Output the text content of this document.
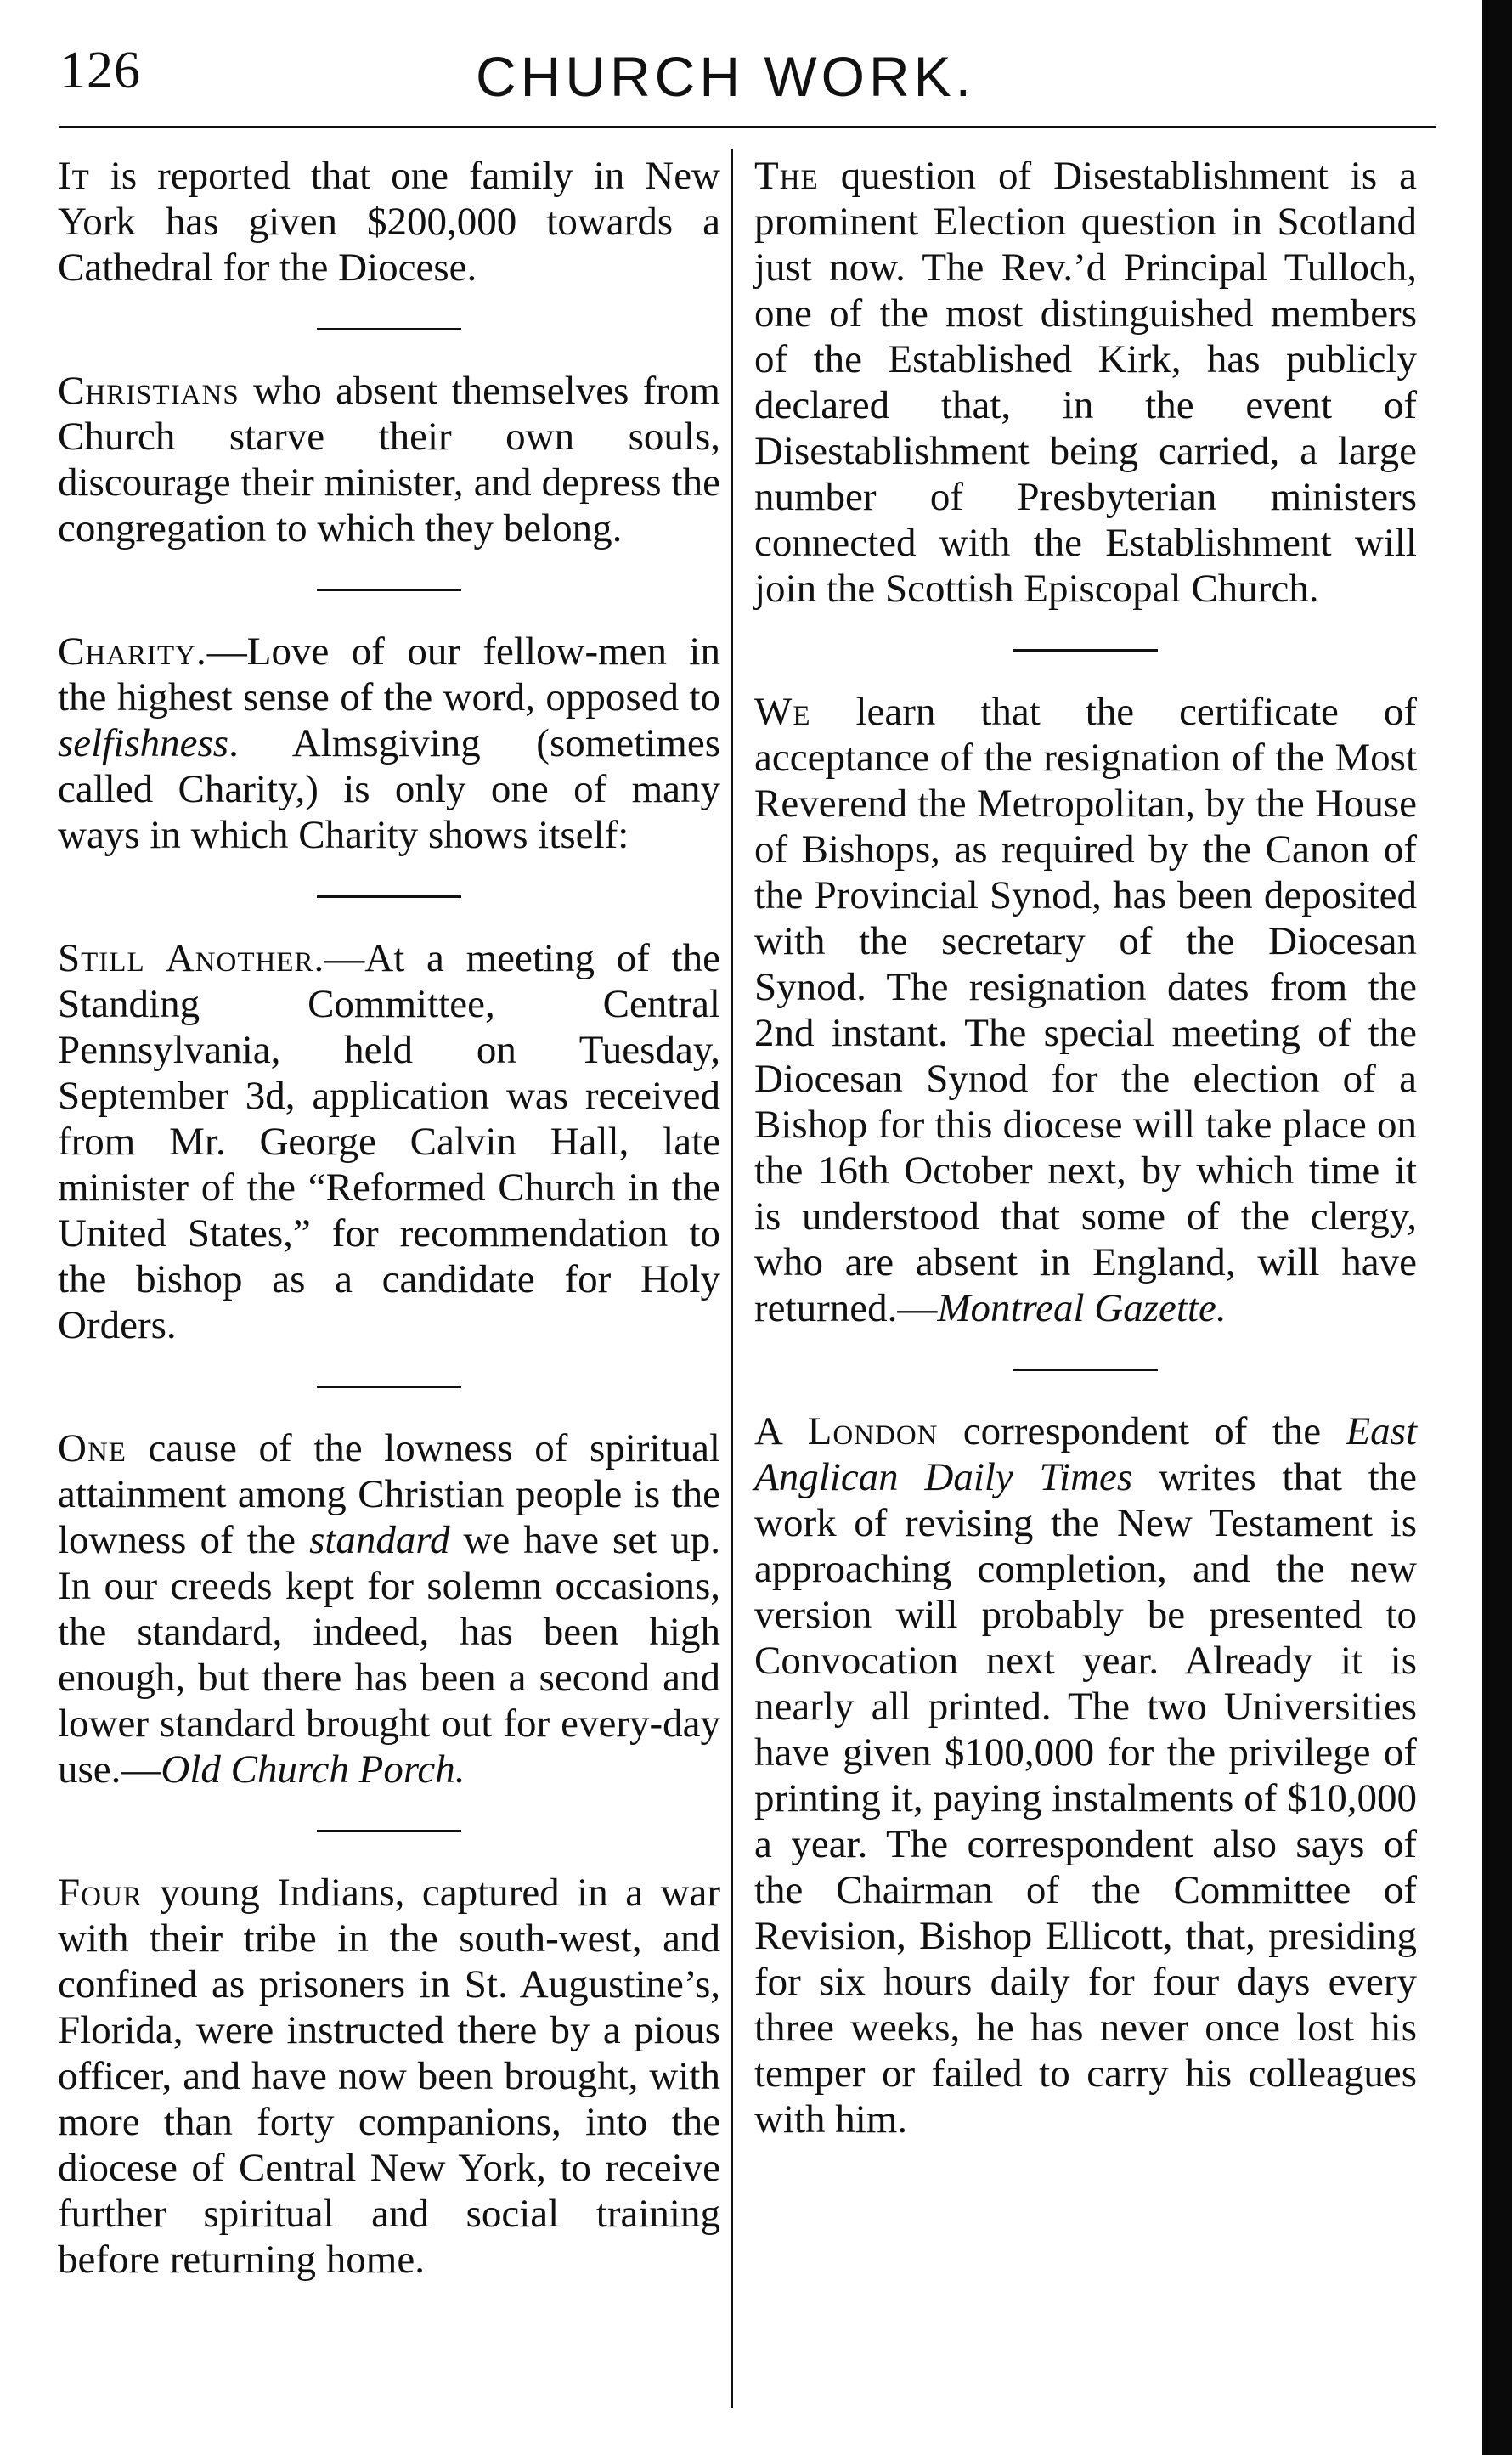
126	CHURCH WORK.

It is reported that one family in New York has given $200,000 towards a Cathedral for the Diocese.

Christians who absent themselves from Church starve their own souls, discourage their minister, and depress the congregation to which they belong.

Charity.—Love of our fellow-men in the highest sense of the word, opposed to selfishness. Almsgiving (sometimes called Charity,) is only one of many ways in which Charity shows itself:

Still Another.—At a meeting of the Standing Committee, Central Pennsylvania, held on Tuesday, September 3d, application was received from Mr. George Calvin Hall, late minister of the “Reformed Church in the United States,” for recommendation to the bishop as a candidate for Holy Orders.

One cause of the lowness of spiritual attainment among Christian people is the lowness of the standard we have set up. In our creeds kept for solemn occasions, the standard, indeed, has been high enough, but there has been a second and lower standard brought out for every-day use.—Old Church Porch.

Four young Indians, captured in a war with their tribe in the south-west, and confined as prisoners in St. Augustine’s, Florida, were instructed there by a pious officer, and have now been brought, with more than forty companions, into the diocese of Central New York, to receive further spiritual and social training before returning home.

The question of Disestablishment is a prominent Election question in Scotland just now. The Rev.’d Principal Tulloch, one of the most distinguished members of the Established Kirk, has publicly declared that, in the event of Disestablishment being carried, a large number of Presbyterian ministers connected with the Establishment will join the Scottish Episcopal Church.

We learn that the certificate of acceptance of the resignation of the Most Reverend the Metropolitan, by the House of Bishops, as required by the Canon of the Provincial Synod, has been deposited with the secretary of the Diocesan Synod. The resignation dates from the 2nd instant. The special meeting of the Diocesan Synod for the election of a Bishop for this diocese will take place on the 16th October next, by which time it is understood that some of the clergy, who are absent in England, will have returned.—Montreal Gazette.

A London correspondent of the East Anglican Daily Times writes that the work of revising the New Testament is approaching completion, and the new version will probably be presented to Convocation next year. Already it is nearly all printed. The two Universities have given $100,000 for the privilege of printing it, paying instalments of $10,000 a year. The correspondent also says of the Chairman of the Committee of Revision, Bishop Ellicott, that, presiding for six hours daily for four days every three weeks, he has never once lost his temper or failed to carry his colleagues with him.
